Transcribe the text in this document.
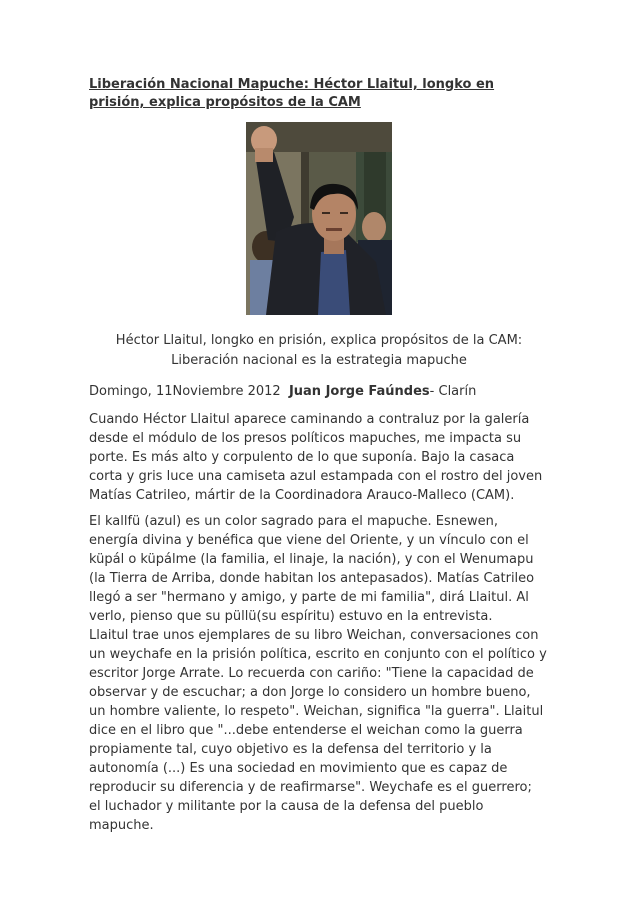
Liberación Nacional Mapuche: Héctor Llaitul, longko en
prisión, explica propósitos de la CAM
Héctor Llaitul, longko en prisión, explica propósitos de la CAM:
Liberación nacional es la estrategia mapuche
Domingo, 11Noviembre 2012 Juan Jorge Faúndes- Clarín
Cuando Héctor Llaitul aparece caminando a contraluz por la galería
desde el módulo de los presos políticos mapuches, me impacta su
porte. Es más alto y corpulento de lo que suponía. Bajo la casaca
corta y gris luce una camiseta azul estampada con el rostro del joven
Matías Catrileo, mártir de la Coordinadora Arauco-Malleco (CAM).
El kallfü (azul) es un color sagrado para el mapuche. Esnewen,
energía divina y benéfica que viene del Oriente, y un vínculo con el
küpál o küpálme (la familia, el linaje, la nación), y con el Wenumapu
(la Tierra de Arriba, donde habitan los antepasados). Matías Catrileo
llegó a ser "hermano y amigo, y parte de mi familia", dirá Llaitul. Al
verlo, pienso que su püllü(su espíritu) estuvo en la entrevista.
Llaitul trae unos ejemplares de su libro Weichan, conversaciones con
un weychafe en la prisión política, escrito en conjunto con el político y
escritor Jorge Arrate. Lo recuerda con cariño: "Tiene la capacidad de
observar y de escuchar; a don Jorge lo considero un hombre bueno,
un hombre valiente, lo respeto". Weichan, significa "la guerra". Llaitul
dice en el libro que "...debe entenderse el weichan como la guerra
propiamente tal, cuyo objetivo es la defensa del territorio y la
autonomía (...) Es una sociedad en movimiento que es capaz de
reproducir su diferencia y de reafirmarse". Weychafe es el guerrero;
el luchador y militante por la causa de la defensa del pueblo
mapuche.
